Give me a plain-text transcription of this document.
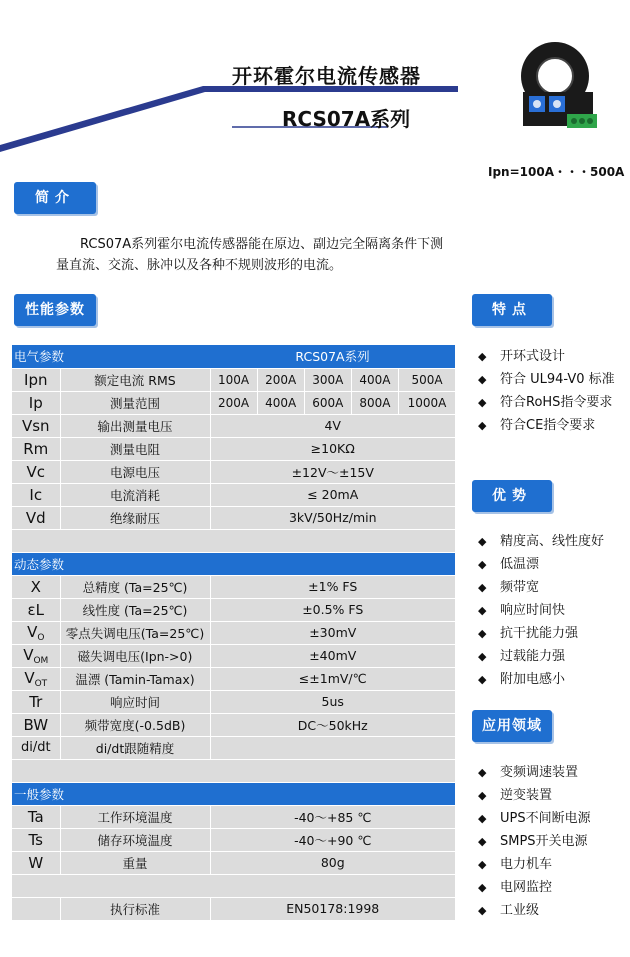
开环霍尔电流传感器
RCS07A系列
Ipn=100A・・・500A
简介
RCS07A系列霍尔电流传感器能在原边、副边完全隔离条件下测
量直流、交流、脉冲以及各种不规则波形的电流。
性能参数
电气参数		RCS07A系列				
Ipn	额定电流 RMS	100A	200A	300A	400A	500A
Ip	测量范围	200A	400A	600A	800A	1000A
Vsn	输出测量电压	4V				
Rm	测量电阻	≥10KΩ				
Vc	电源电压	±12V～±15V				
Ic	电流消耗	≤ 20mA				
Vd	绝缘耐压	3kV/50Hz/min				

动态参数						
X	总精度 (Ta=25℃)	±1% FS				
εL	线性度 (Ta=25℃)	±0.5% FS				
$V_O$	零点失调电压(Ta=25℃)	±30mV				
$V_{OM}$	磁失调电压(Ipn->0)	±40mV				
$V_{OT}$	温漂 (Tamin-Tamax)	≤±1mV/℃				
Tr	响应时间	5us				
BW	频带宽度(-0.5dB)	DC～50kHz				
di/dt	di/dt跟随精度					

一般参数						
Ta	工作环境温度	-40～+85 ℃				
Ts	储存环境温度	-40～+90 ℃				
W	重量	80g				

	执行标准	EN50178:1998				
特点
◆ 开环式设计
◆ 符合 UL94-V0 标准
◆ 符合RoHS指令要求
◆ 符合CE指令要求
优势
◆ 精度高、线性度好
◆ 低温漂
◆ 频带宽
◆ 响应时间快
◆ 抗干扰能力强
◆ 过载能力强
◆ 附加电感小
应用领域
◆ 变频调速装置
◆ 逆变装置
◆ UPS不间断电源
◆ SMPS开关电源
◆ 电力机车
◆ 电网监控
◆ 工业级
